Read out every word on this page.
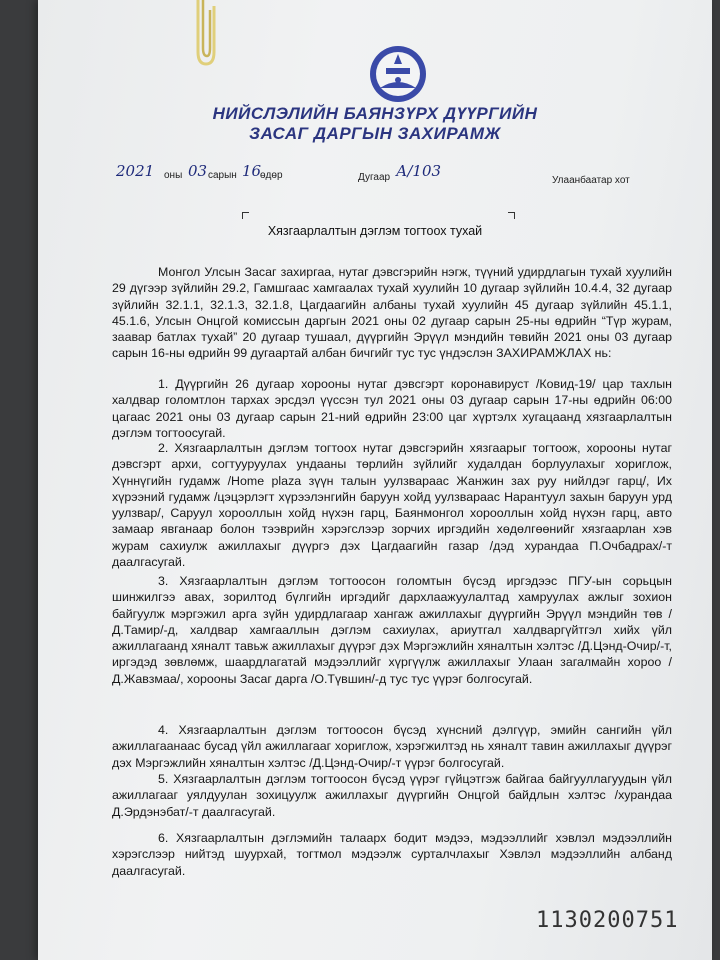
НИЙСЛЭЛИЙН БАЯНЗҮРХ ДҮҮРГИЙН
ЗАСАГ ДАРГЫН ЗАХИРАМЖ
2021 оны 03 сарын 16
өдөр	Дугаар А/103
Улаанбаатар хот
Хязгаарлалтын дэглэм тогтоох тухай

Монгол Улсын Засаг захиргаа, нутаг дэвсгэрийн нэгж, түүний удирдлагын тухай хуулийн 29 дүгээр зүйлийн 29.2, Гамшгаас хамгаалах тухай хуулийн 10 дугаар зүйлийн 10.4.4, 32 дугаар зүйлийн 32.1.1, 32.1.3, 32.1.8, Цагдаагийн албаны тухай хуулийн 45 дугаар зүйлийн 45.1.1, 45.1.6, Улсын Онцгой комиссын даргын 2021 оны 02 дугаар сарын 25-ны өдрийн “Түр журам, заавар батлах тухай” 20 дугаар тушаал, дүүргийн Эрүүл мэндийн төвийн 2021 оны 03 дугаар сарын 16-ны өдрийн 99 дугаартай албан бичгийг тус тус үндэслэн ЗАХИРАМЖЛАХ нь:

1. Дүүргийн 26 дугаар хорооны нутаг дэвсгэрт коронавируст /Ковид-19/ цар тахлын халдвар голомтлон тархах эрсдэл үүссэн тул 2021 оны 03 дугаар сарын 17-ны өдрийн 06:00 цагаас 2021 оны 03 дугаар сарын 21-ний өдрийн 23:00 цаг хүртэлх хугацаанд хязгаарлалтын дэглэм тогтоосугай.

2. Хязгаарлалтын дэглэм тогтоох нутаг дэвсгэрийн хязгаарыг тогтоож, хорооны нутаг дэвсгэрт архи, согтууруулах ундааны төрлийн зүйлийг худалдан борлуулахыг хориглож, Хүннүгийн гудамж /Home plaza зүүн талын уулзвараас Жанжин зах руу нийлдэг гарц/, Их хүрээний гудамж /цэцэрлэгт хүрээлэнгийн баруун хойд уулзвараас Нарантуул захын баруун урд уулзвар/, Саруул хорооллын хойд нүхэн гарц, Баянмонгол хорооллын хойд нүхэн гарц, авто замаар явганаар болон тээврийн хэрэгслээр зорчих иргэдийн хөдөлгөөнийг хязгаарлан хэв журам сахиулж ажиллахыг дүүргэ дэх Цагдаагийн газар /дэд хурандаа П.Очбадрах/-т даалгасугай.

3. Хязгаарлалтын дэглэм тогтоосон голомтын бүсэд иргэдээс ПГУ-ын сорьцын шинжилгээ авах, зорилтод бүлгийн иргэдийг дархлаажуулалтад хамруулах ажлыг зохион байгуулж мэргэжил арга зүйн удирдлагаар хангаж ажиллахыг дүүргийн Эрүүл мэндийн төв /Д.Тамир/-д, халдвар хамгааллын дэглэм сахиулах, ариутгал халдваргүйтгэл хийх үйл ажиллагаанд хяналт тавьж ажиллахыг дүүрэг дэх Мэргэжлийн хяналтын хэлтэс /Д.Цэнд-Очир/-т, иргэдэд зөвлөмж, шаардлагатай мэдээллийг хүргүүлж ажиллахыг Улаан загалмайн хороо /Д.Жавзмаа/, хорооны Засаг дарга /О.Түвшин/-д тус тус үүрэг болгосугай.

4. Хязгаарлалтын дэглэм тогтоосон бүсэд хүнсний дэлгүүр, эмийн сангийн үйл ажиллагаанаас бусад үйл ажиллагааг хориглож, хэрэгжилтэд нь хяналт тавин ажиллахыг дүүрэг дэх Мэргэжлийн хяналтын хэлтэс /Д.Цэнд-Очир/-т үүрэг болгосугай.

5. Хязгаарлалтын дэглэм тогтоосон бүсэд үүрэг гүйцэтгэж байгаа байгууллагуудын үйл ажиллагааг уялдуулан зохицуулж ажиллахыг дүүргийн Онцгой байдлын хэлтэс /хурандаа Д.Эрдэнэбат/-т даалгасугай.

6. Хязгаарлалтын дэглэмийн талаарх бодит мэдээ, мэдээллийг хэвлэл мэдээллийн хэрэгслээр нийтэд шуурхай, тогтмол мэдээлж сурталчлахыг Хэвлэл мэдээллийн албанд даалгасугай.

1130200751
